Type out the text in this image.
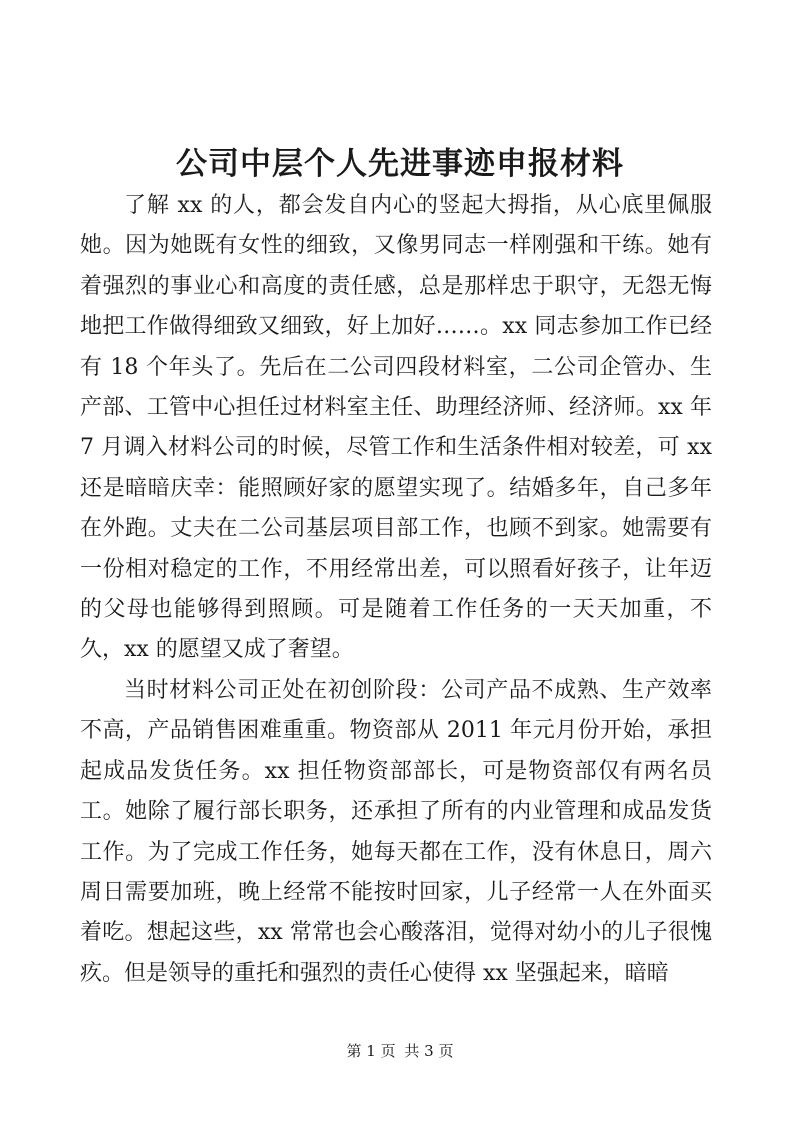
公司中层个人先进事迹申报材料

了解 xx 的人，都会发自内心的竖起大拇指，从心底里佩服她。因为她既有女性的细致，又像男同志一样刚强和干练。她有着强烈的事业心和高度的责任感，总是那样忠于职守，无怨无悔地把工作做得细致又细致，好上加好……。xx 同志参加工作已经有 18 个年头了。先后在二公司四段材料室，二公司企管办、生产部、工管中心担任过材料室主任、助理经济师、经济师。xx 年 7 月调入材料公司的时候，尽管工作和生活条件相对较差，可 xx 还是暗暗庆幸：能照顾好家的愿望实现了。结婚多年，自己多年在外跑。丈夫在二公司基层项目部工作，也顾不到家。她需要有一份相对稳定的工作，不用经常出差，可以照看好孩子，让年迈的父母也能够得到照顾。可是随着工作任务的一天天加重，不久，xx 的愿望又成了奢望。

当时材料公司正处在初创阶段：公司产品不成熟、生产效率不高，产品销售困难重重。物资部从 2011 年元月份开始，承担起成品发货任务。xx 担任物资部部长，可是物资部仅有两名员工。她除了履行部长职务，还承担了所有的内业管理和成品发货工作。为了完成工作任务，她每天都在工作，没有休息日，周六周日需要加班，晚上经常不能按时回家，儿子经常一人在外面买着吃。想起这些，xx 常常也会心酸落泪，觉得对幼小的儿子很愧疚。但是领导的重托和强烈的责任心使得 xx 坚强起来，暗暗

第 1 页 共 3 页
